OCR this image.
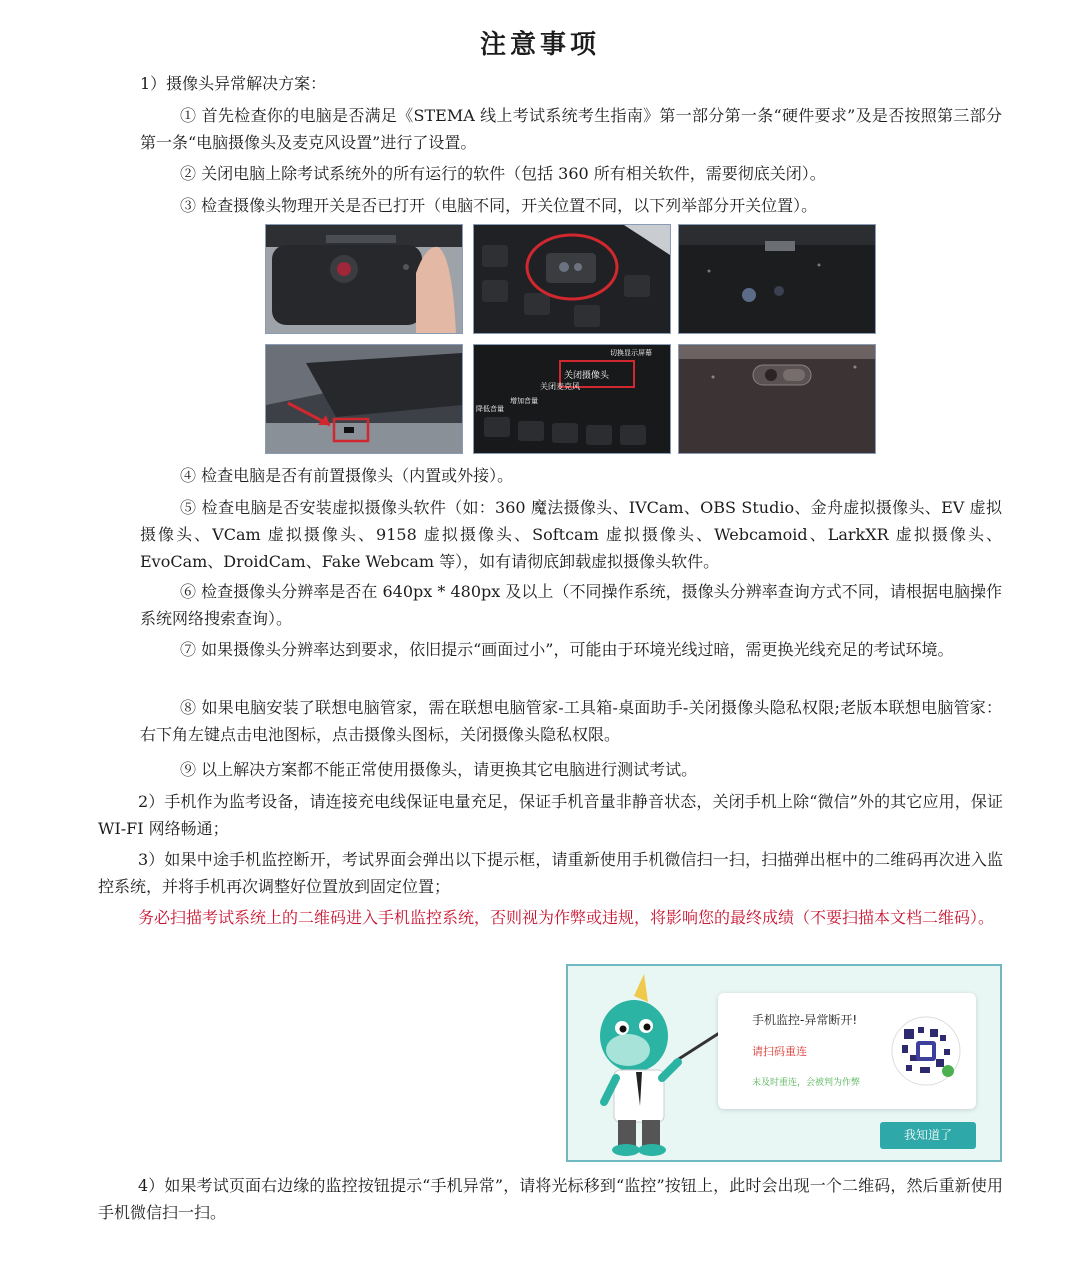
注意事项

1）摄像头异常解决方案：

① 首先检查你的电脑是否满足《STEMA 线上考试系统考生指南》第一部分第一条“硬件要求”及是否按照第三部分第一条“电脑摄像头及麦克风设置”进行了设置。

② 关闭电脑上除考试系统外的所有运行的软件（包括 360 所有相关软件，需要彻底关闭）。

③ 检查摄像头物理开关是否已打开（电脑不同，开关位置不同，以下列举部分开关位置）。

关闭摄像头
关闭麦克风
切换显示屏幕
增加音量
降低音量

④ 检查电脑是否有前置摄像头（内置或外接）。

⑤ 检查电脑是否安装虚拟摄像头软件（如：360 魔法摄像头、IVCam、OBS Studio、金舟虚拟摄像头、EV 虚拟摄像头、VCam 虚拟摄像头、9158 虚拟摄像头、Softcam 虚拟摄像头、Webcamoid、LarkXR 虚拟摄像头、EvoCam、DroidCam、Fake Webcam 等），如有请彻底卸载虚拟摄像头软件。

⑥ 检查摄像头分辨率是否在 640px * 480px 及以上（不同操作系统，摄像头分辨率查询方式不同，请根据电脑操作系统网络搜索查询）。

⑦ 如果摄像头分辨率达到要求，依旧提示“画面过小”，可能由于环境光线过暗，需更换光线充足的考试环境。

⑧ 如果电脑安装了联想电脑管家，需在联想电脑管家-工具箱-桌面助手-关闭摄像头隐私权限;老版本联想电脑管家：右下角左键点击电池图标，点击摄像头图标，关闭摄像头隐私权限。

⑨ 以上解决方案都不能正常使用摄像头，请更换其它电脑进行测试考试。

2）手机作为监考设备，请连接充电线保证电量充足，保证手机音量非静音状态，关闭手机上除“微信”外的其它应用，保证 WI-FI 网络畅通；

3）如果中途手机监控断开，考试界面会弹出以下提示框，请重新使用手机微信扫一扫，扫描弹出框中的二维码再次进入监控系统，并将手机再次调整好位置放到固定位置；

务必扫描考试系统上的二维码进入手机监控系统，否则视为作弊或违规，将影响您的最终成绩（不要扫描本文档二维码）。

手机监控-异常断开!
请扫码重连
未及时重连，会被判为作弊
我知道了

4）如果考试页面右边缘的监控按钮提示“手机异常”，请将光标移到“监控”按钮上，此时会出现一个二维码，然后重新使用手机微信扫一扫。
